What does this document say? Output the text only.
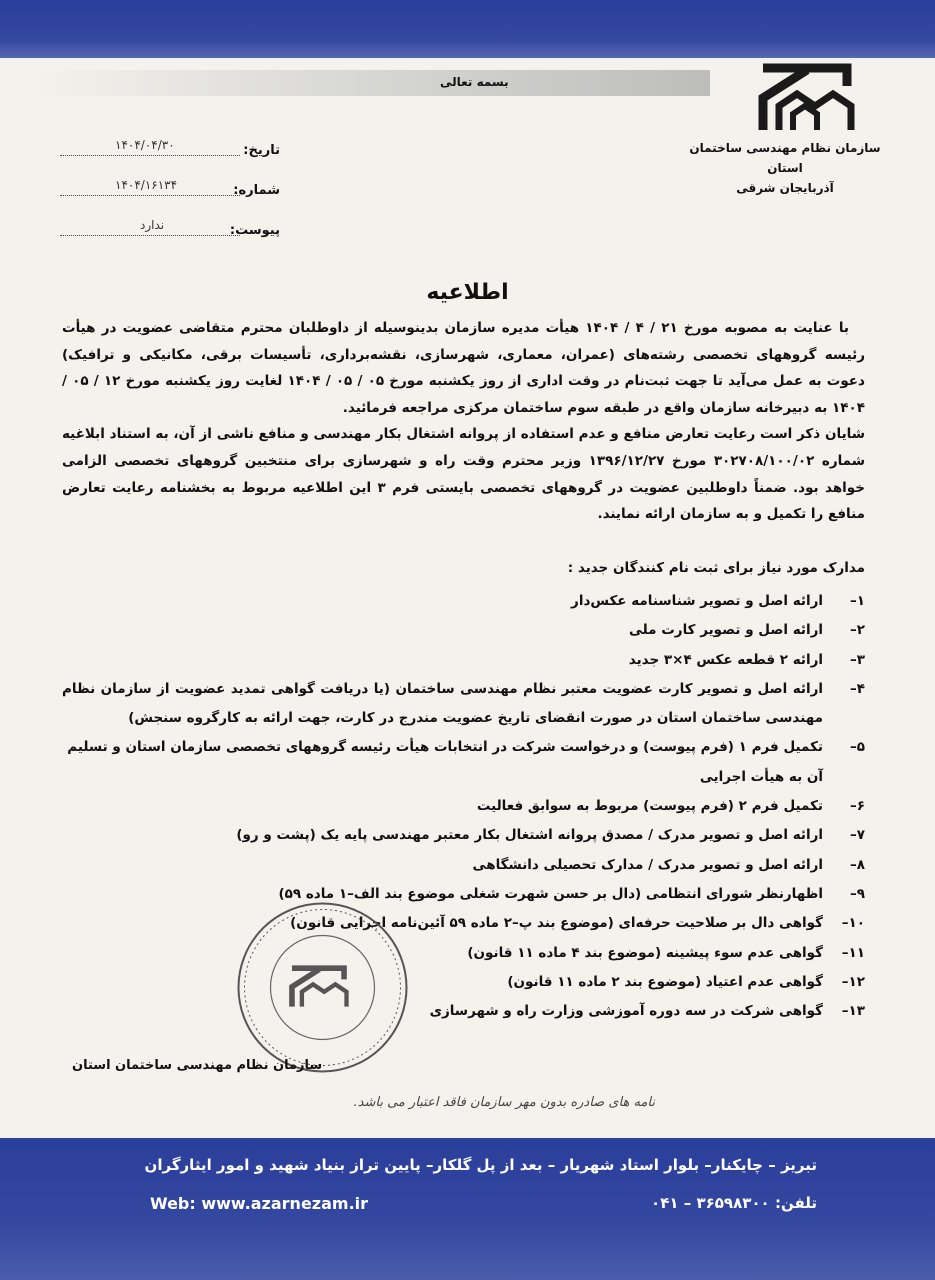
بسمه تعالی
سازمان نظام مهندسی ساختمان استان
آذربایجان شرقی
۱۴۰۴/۰۴/۳۰	تاریخ:
۱۴۰۴/۱۶۱۳۴	شماره:
ندارد	پیوست:
اطلاعیه

با عنایت به مصوبه مورخ ۲۱ / ۴ / ۱۴۰۴ هیأت مدیره سازمان بدینوسیله از داوطلبان محترم متقاضی عضویت در هیأت رئیسه گروههای تخصصی رشته‌های (عمران، معماری، شهرسازی، نقشه‌برداری، تأسیسات برقی، مکانیکی و ترافیک) دعوت به عمل می‌آید تا جهت ثبت‌نام در وقت اداری از روز یکشنبه مورخ ۰۵ / ۰۵ / ۱۴۰۴ لغایت روز یکشنبه مورخ ۱۲ / ۰۵ / ۱۴۰۴ به دبیرخانه سازمان واقع در طبقه سوم ساختمان مرکزی مراجعه فرمائید.

شایان ذکر است رعایت تعارض منافع و عدم استفاده از پروانه اشتغال بکار مهندسی و منافع ناشی از آن، به استناد ابلاغیه شماره ۳۰۲۷۰۸/۱۰۰/۰۲ مورخ ۱۳۹۶/۱۲/۲۷ وزیر محترم وقت راه و شهرسازی برای منتخبین گروههای تخصصی الزامی خواهد بود. ضمناً داوطلبین عضویت در گروههای تخصصی بایستی فرم ۳ این اطلاعیه مربوط به بخشنامه رعایت تعارض منافع را تکمیل و به سازمان ارائه نمایند.

مدارک مورد نیاز برای ثبت نام کنندگان جدید :
۱–
ارائه اصل و تصویر شناسنامه عکس‌دار
۲–
ارائه اصل و تصویر کارت ملی
۳–
ارائه ۲ قطعه عکس ۴×۳ جدید
۴–
ارائه اصل و تصویر کارت عضویت معتبر نظام مهندسی ساختمان (یا دریافت گواهی تمدید عضویت از سازمان نظام مهندسی ساختمان استان در صورت انقضای تاریخ عضویت مندرج در کارت، جهت ارائه به کارگروه سنجش)
۵–
تکمیل فرم ۱ (فرم پیوست) و درخواست شرکت در انتخابات هیأت رئیسه گروههای تخصصی سازمان استان و تسلیم آن به هیأت اجرایی
۶–
تکمیل فرم ۲ (فرم پیوست) مربوط به سوابق فعالیت
۷–
ارائه اصل و تصویر مدرک / مصدق پروانه اشتغال بکار معتبر مهندسی پایه یک (پشت و رو)
۸–
ارائه اصل و تصویر مدرک / مدارک تحصیلی دانشگاهی
۹–
اظهارنظر شورای انتظامی (دال بر حسن شهرت شغلی موضوع بند الف–۱ ماده ۵۹)
۱۰–
گواهی دال بر صلاحیت حرفه‌ای (موضوع بند پ–۲ ماده ۵۹ آئین‌نامه اجرایی قانون)
۱۱–
گواهی عدم سوء پیشینه (موضوع بند ۴ ماده ۱۱ قانون)
۱۲–
گواهی عدم اعتیاد (موضوع بند ۲ ماده ۱۱ قانون)
۱۳–
گواهی شرکت در سه دوره آموزشی وزارت راه و شهرسازی
سازمان نظام مهندسی ساختمان استان
نامه های صادره بدون مهر سازمان فاقد اعتبار می باشد.
تبریز – چایکنار– بلوار استاد شهریار – بعد از پل گلکار– پایین تراز بنیاد شهید و امور ایثارگران
Web: www.azarnezam.ir	تلفن: ۳۶۵۹۸۳۰۰ – ۰۴۱
